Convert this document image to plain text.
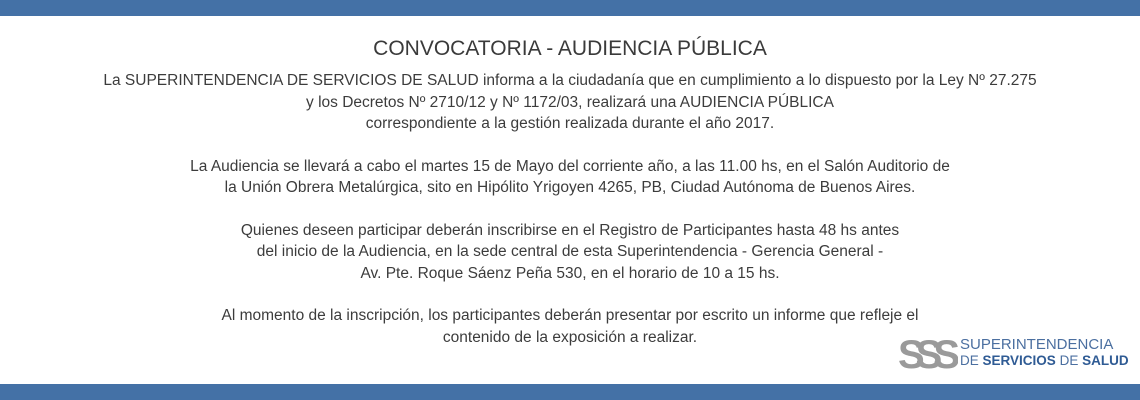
CONVOCATORIA - AUDIENCIA PÚBLICA

La SUPERINTENDENCIA DE SERVICIOS DE SALUD informa a la ciudadanía que en cumplimiento a lo dispuesto por la Ley Nº 27.275
y los Decretos Nº 2710/12 y Nº 1172/03, realizará una AUDIENCIA PÚBLICA
correspondiente a la gestión realizada durante el año 2017.

La Audiencia se llevará a cabo el martes 15 de Mayo del corriente año, a las 11.00 hs, en el Salón Auditorio de
la Unión Obrera Metalúrgica, sito en Hipólito Yrigoyen 4265, PB, Ciudad Autónoma de Buenos Aires.

Quienes deseen participar deberán inscribirse en el Registro de Participantes hasta 48 hs antes
del inicio de la Audiencia, en la sede central de esta Superintendencia - Gerencia General -
Av. Pte. Roque Sáenz Peña 530, en el horario de 10 a 15 hs.

Al momento de la inscripción, los participantes deberán presentar por escrito un informe que refleje el
contenido de la exposición a realizar.	SSS SUPERINTENDENCIA
DE SERVICIOS DE SALUD
